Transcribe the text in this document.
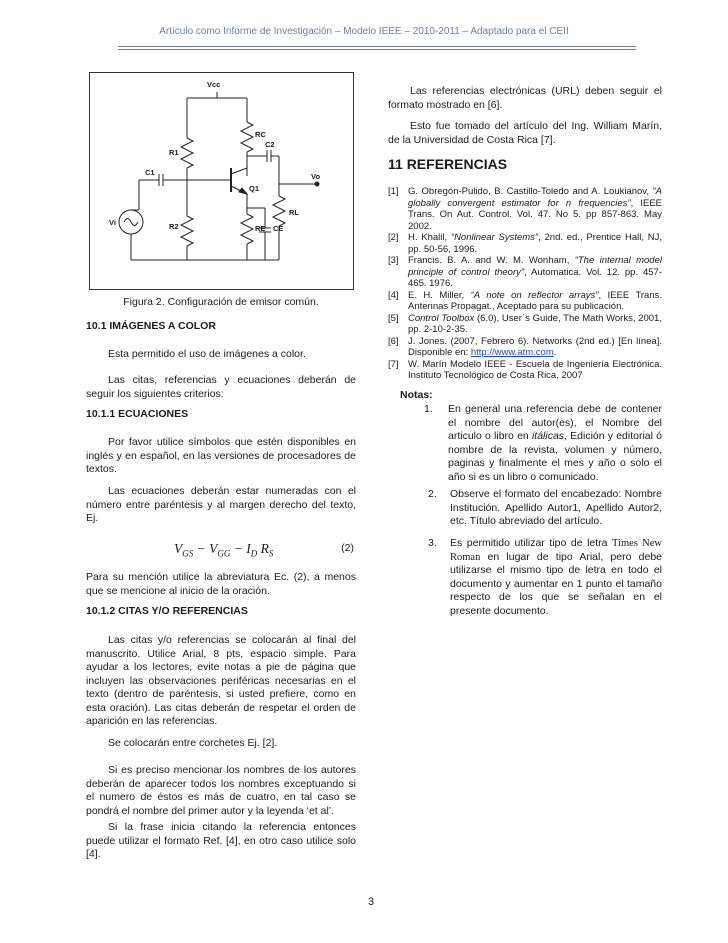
Artículo como Informe de Investigación – Modelo IEEE – 2010-2011 – Adaptado para el CEII
Vcc
RC
R1
C2
C1
Q1
Vo
Vi	R2
RL
RE CE
Figura 2. Configuración de emisor común.
10.1 IMÁGENES A COLOR

Esta permitido el uso de imágenes a color.

Las citas, referencias y ecuaciones deberán de seguir los siguientes criterios:

10.1.1 ECUACIONES

Por favor utilice símbolos que estén disponibles en inglés y en español, en las versiones de procesadores de textos.

Las ecuaciones deberán estar numeradas con el número entre paréntesis y al margen derecho del texto, Ej.

$V_{GS} - V_{GG} - I_D$ $R_S$	(2)

Para su mención utilice la abreviatura Ec. (2), a menos que se mencione al inicio de la oración.

10.1.2 CITAS Y/O REFERENCIAS

Las citas y/o referencias se colocarán al final del manuscrito. Utilice Arial, 8 pts, espacio simple. Para ayudar a los lectores, evite notas a pie de página que incluyen las observaciones periféricas necesarias en el texto (dentro de paréntesis, si usted prefiere, como en esta oración). Las citas deberán de respetar el orden de aparición en las referencias.

Se colocarán entre corchetes Ej. [2].

Si es preciso mencionar los nombres de los autores deberán de aparecer todos los nombres exceptuando si el numero de éstos es más de cuatro, en tal caso se pondrá el nombre del primer autor y la leyenda ‘et al’.

Si la frase inicia citando la referencia entonces puede utilizar el formato Ref. [4], en otro caso utilice solo [4].

Las referencias electrónicas (URL) deben seguir el formato mostrado en [6].

Esto fue tomado del artículo del Ing. William Marín, de la Universidad de Costa Rica [7].

11 REFERENCIAS
[1] G. Obregón-Pulido, B. Castillo-Toledo and A. Loukianov, “A globally convergent estimator for n frequencies”, IEEE Trans. On Aut. Control. Vol. 47. No 5. pp 857-863. May 2002.
[2] H. Khalil, “Nonlinear Systems”, 2nd. ed., Prentice Hall, NJ, pp. 50-56, 1996.
[3] Francis. B. A. and W. M. Wonham, “The internal model principle of control theory”, Automatica. Vol. 12. pp. 457-465. 1976.
[4] E. H. Miller, “A note on reflector arrays”, IEEE Trans. Antennas Propagat., Aceptado para su publicación.
[5] Control Toolbox (6.0), User´s Guide, The Math Works, 2001, pp. 2-10-2-35.
[6] J. Jones. (2007, Febrero 6). Networks (2nd ed.) [En línea]. Disponible en: http://www.atm.com.
[7] W. Marín Modelo IEEE - Escuela de Ingeniería Electrónica. Instituto Tecnológico de Costa Rica, 2007
Notas:
1.	En general una referencia debe de contener el nombre del autor(es), el Nombre del articulo o libro en itálicas, Edición y editorial ó nombre de la revista, volumen y número, paginas y finalmente el mes y año o solo el año si es un libro o comunicado.
2.	Observe el formato del encabezado: Nombre Institución. Apellido Autor1, Apellido Autor2, etc. Título abreviado del artículo.
3.	Es permitido utilizar tipo de letra Times New Roman en lugar de tipo Arial, pero debe utilizarse el mismo tipo de letra en todo el documento y aumentar en 1 punto el tamaño respecto de los que se señalan en el presente documento.
3
